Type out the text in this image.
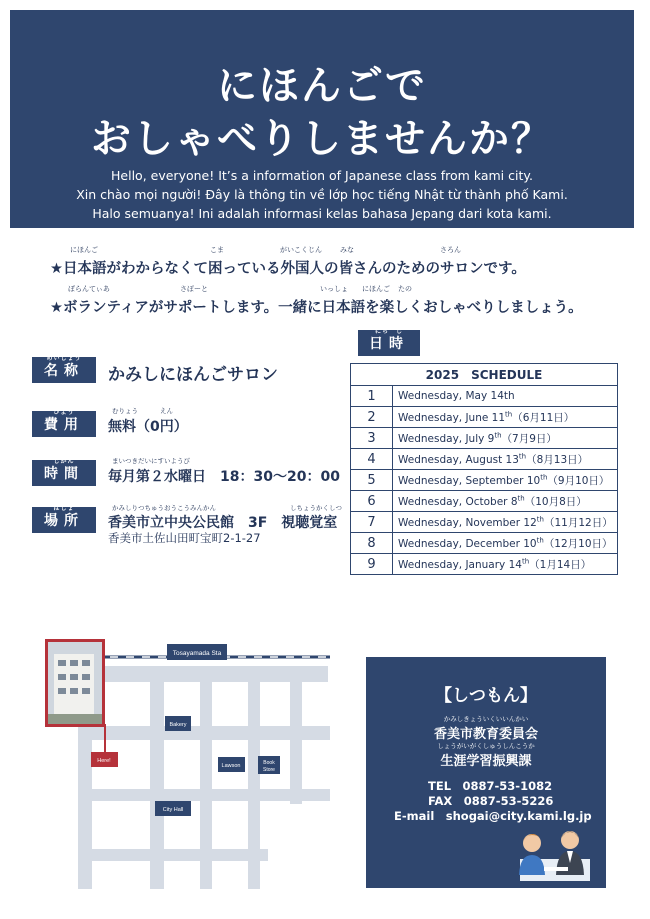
にほんごで
おしゃべりしませんか？
Hello, everyone! It’s a information of Japanese class from kami city.
Xin chào mọi người! Đây là thông tin về lớp học tiếng Nhật từ thành phố Kami.
Halo semuanya! Ini adalah informasi kelas bahasa Jepang dari kota kami.
にほんご	こま	がいこくじん	みな	さろん
★日本語がわからなくて困っている外国人の皆さんのためのサロンです。
ぼらんてぃあ	さぽーと	いっしょ にほんご たの
★ボランティアがサポートします。一緒に日本語を楽しくおしゃべりしましょう。
めいしょう
名称	かみしにほんごサロン
ひよう
費用
むりょう	えん
無料（0円）
じかん
時間
まいつきだいにすいようび
毎月第２水曜日　18：30〜20：00
ばしょ
場所
かみしりつちゅうおうこうみんかん	しちょうかくしつ
香美市立中央公民館　3F　視聴覚室
香美市土佐山田町宝町2-1-27
にち　じ
日時
2025　SCHEDULE	
1	Wednesday, May 14th
2	Wednesday, June 11th（6月11日）
3	Wednesday, July 9th（7月9日）
4	Wednesday, August 13th（8月13日）
5	Wednesday, September 10th（9月10日）
6	Wednesday, October 8th（10月8日）
7	Wednesday, November 12th（11月12日）
8	Wednesday, December 10th（12月10日）
9	Wednesday, January 14th（1月14日）
Tosayamada Sta
Bakery
Lawson	Book
Store
City Hall
Here!
【しつもん】
かみしきょういくいいんかい
香美市教育委員会
しょうがいがくしゅうしんこうか
生涯学習振興課
TEL　0887-53-1082
FAX　0887-53-5226
E-mail　shogai@city.kami.lg.jp
